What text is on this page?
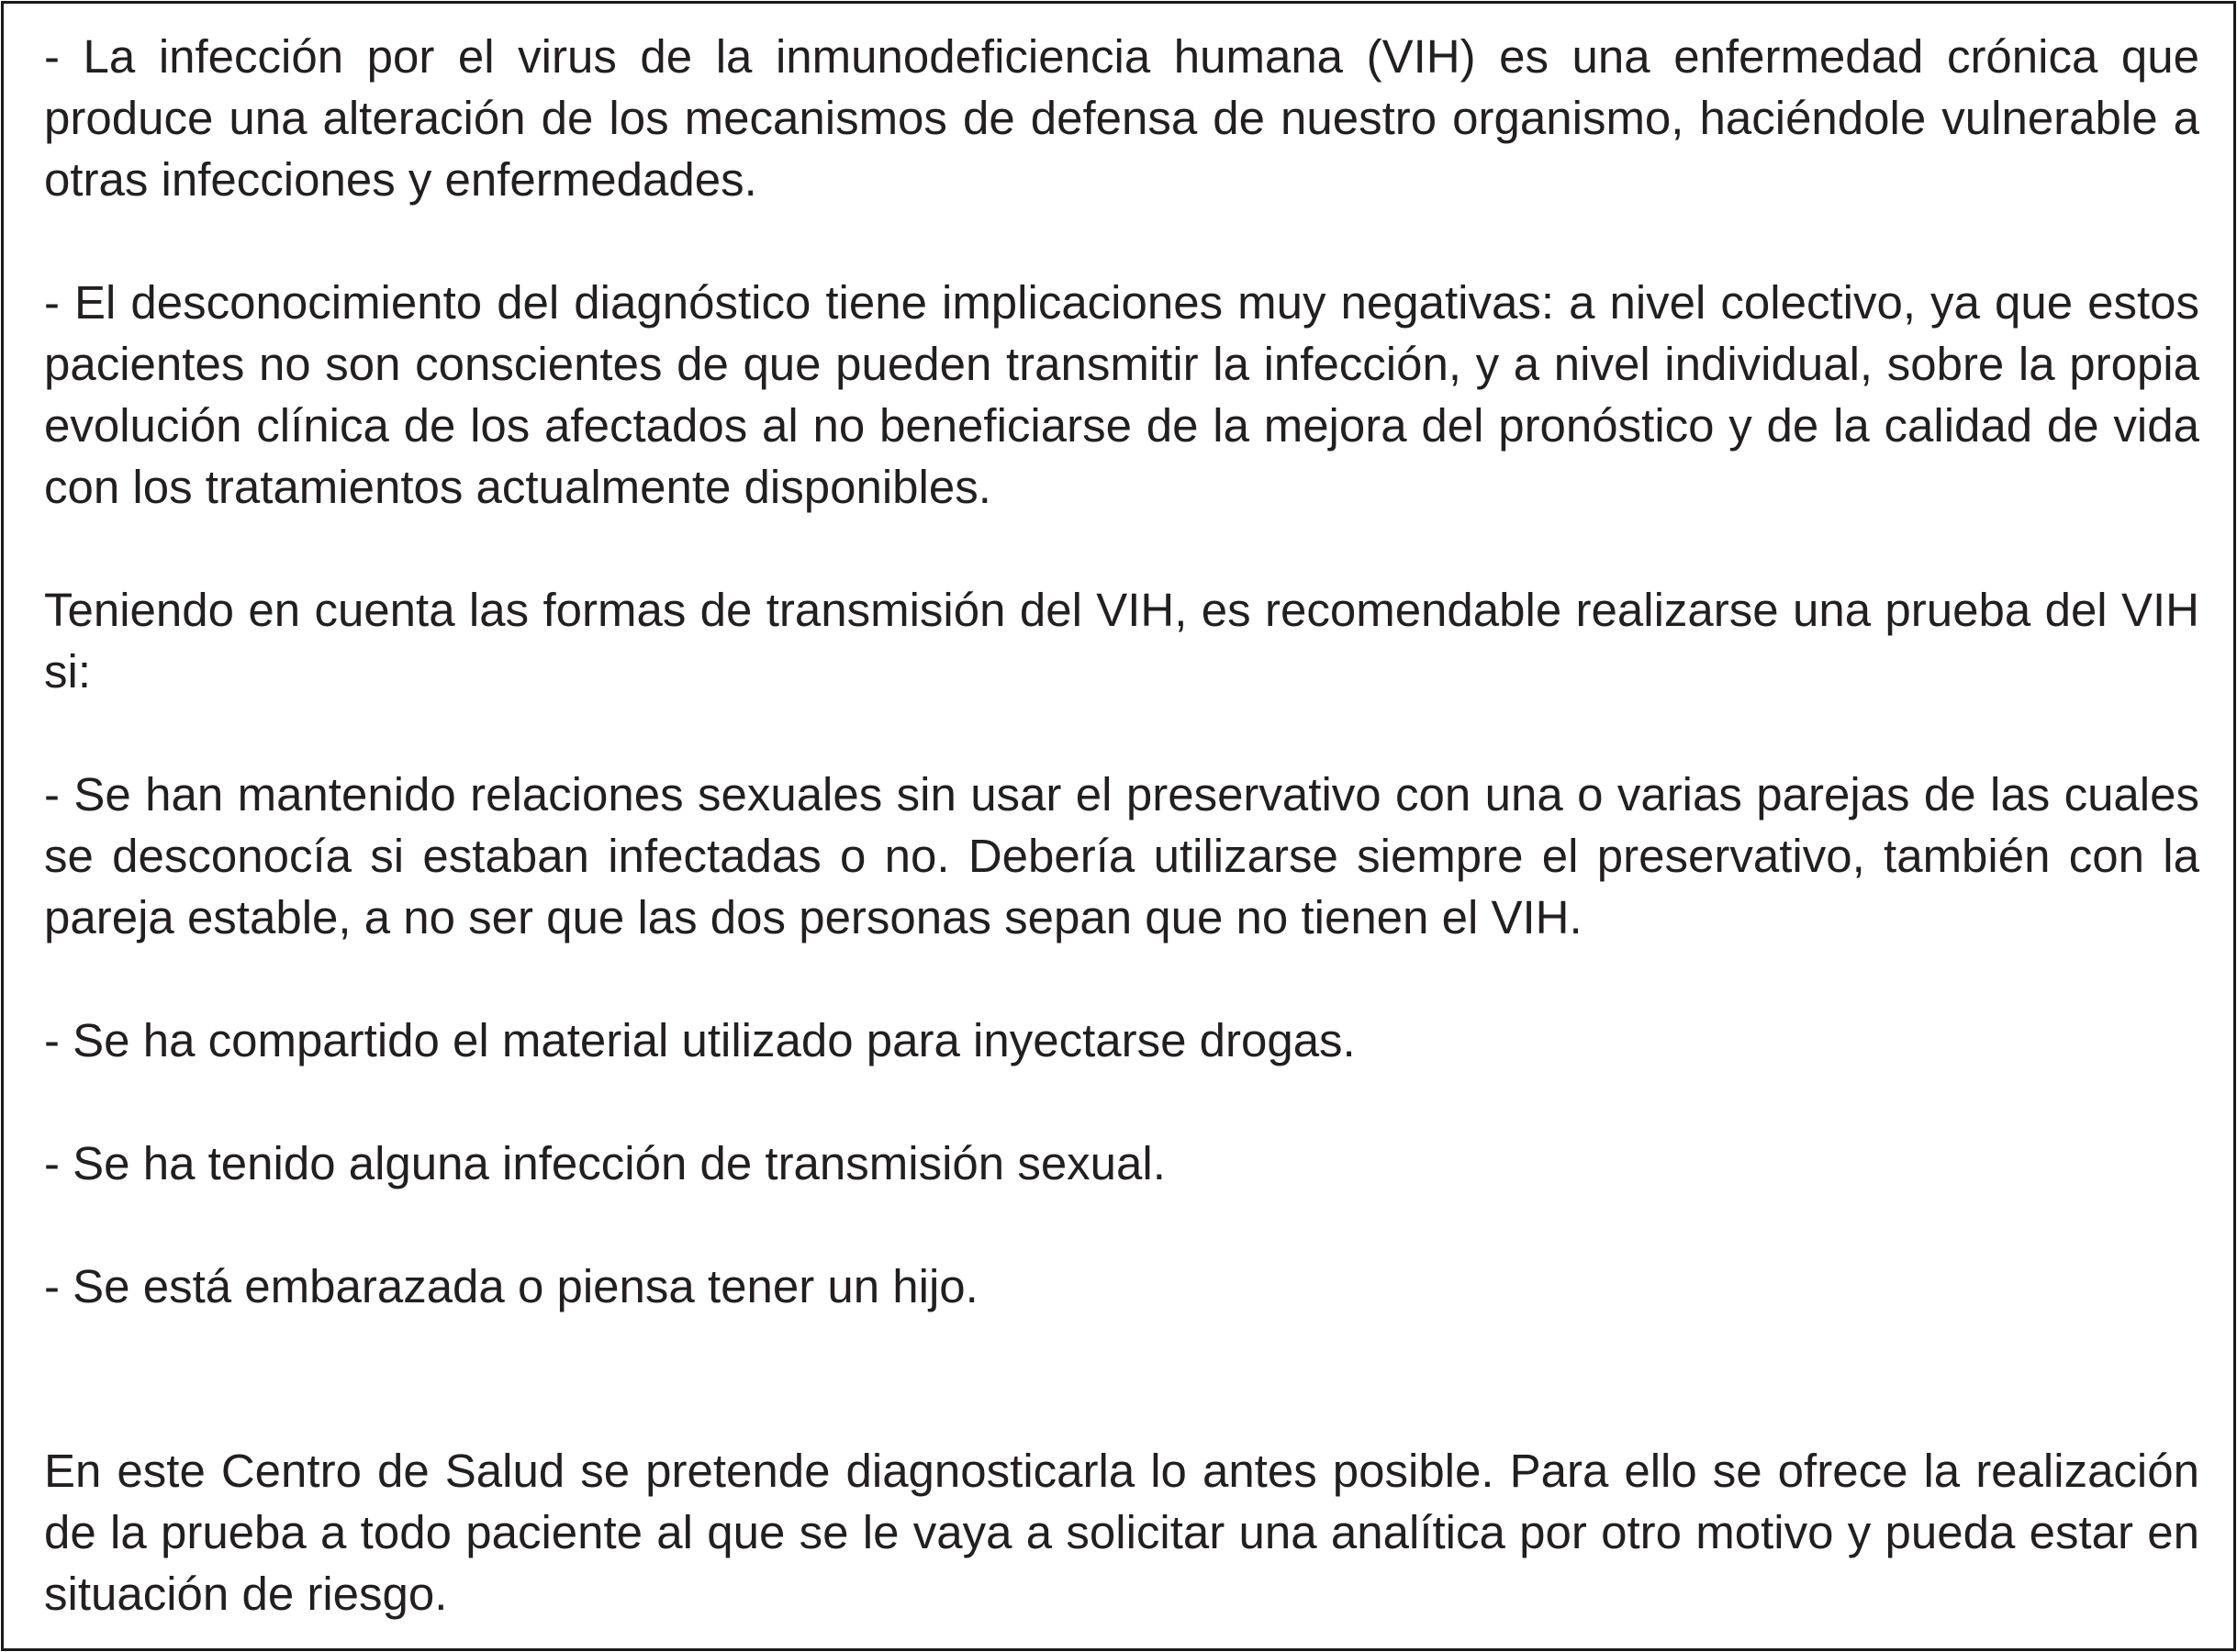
- La infección por el virus de la inmunodeficiencia humana (VIH) es una enfermedad crónica que produce una alteración de los mecanismos de defensa de nuestro organismo, haciéndole vulnerable a otras infecciones y enfermedades.

- El desconocimiento del diagnóstico tiene implicaciones muy negativas: a nivel colectivo, ya que estos pacientes no son conscientes de que pueden transmitir la infección, y a nivel individual, sobre la propia evolución clínica de los afectados al no beneficiarse de la mejora del pronóstico y de la calidad de vida con los tratamientos actualmente disponibles.

Teniendo en cuenta las formas de transmisión del VIH, es recomendable realizarse una prueba del VIH si:

- Se han mantenido relaciones sexuales sin usar el preservativo con una o varias parejas de las cuales se desconocía si estaban infectadas o no. Debería utilizarse siempre el preservativo, también con la pareja estable, a no ser que las dos personas sepan que no tienen el VIH.

- Se ha compartido el material utilizado para inyectarse drogas.

- Se ha tenido alguna infección de transmisión sexual.

- Se está embarazada o piensa tener un hijo.

En este Centro de Salud se pretende diagnosticarla lo antes posible. Para ello se ofrece la realización de la prueba a todo paciente al que se le vaya a solicitar una analítica por otro motivo y pueda estar en situación de riesgo.
